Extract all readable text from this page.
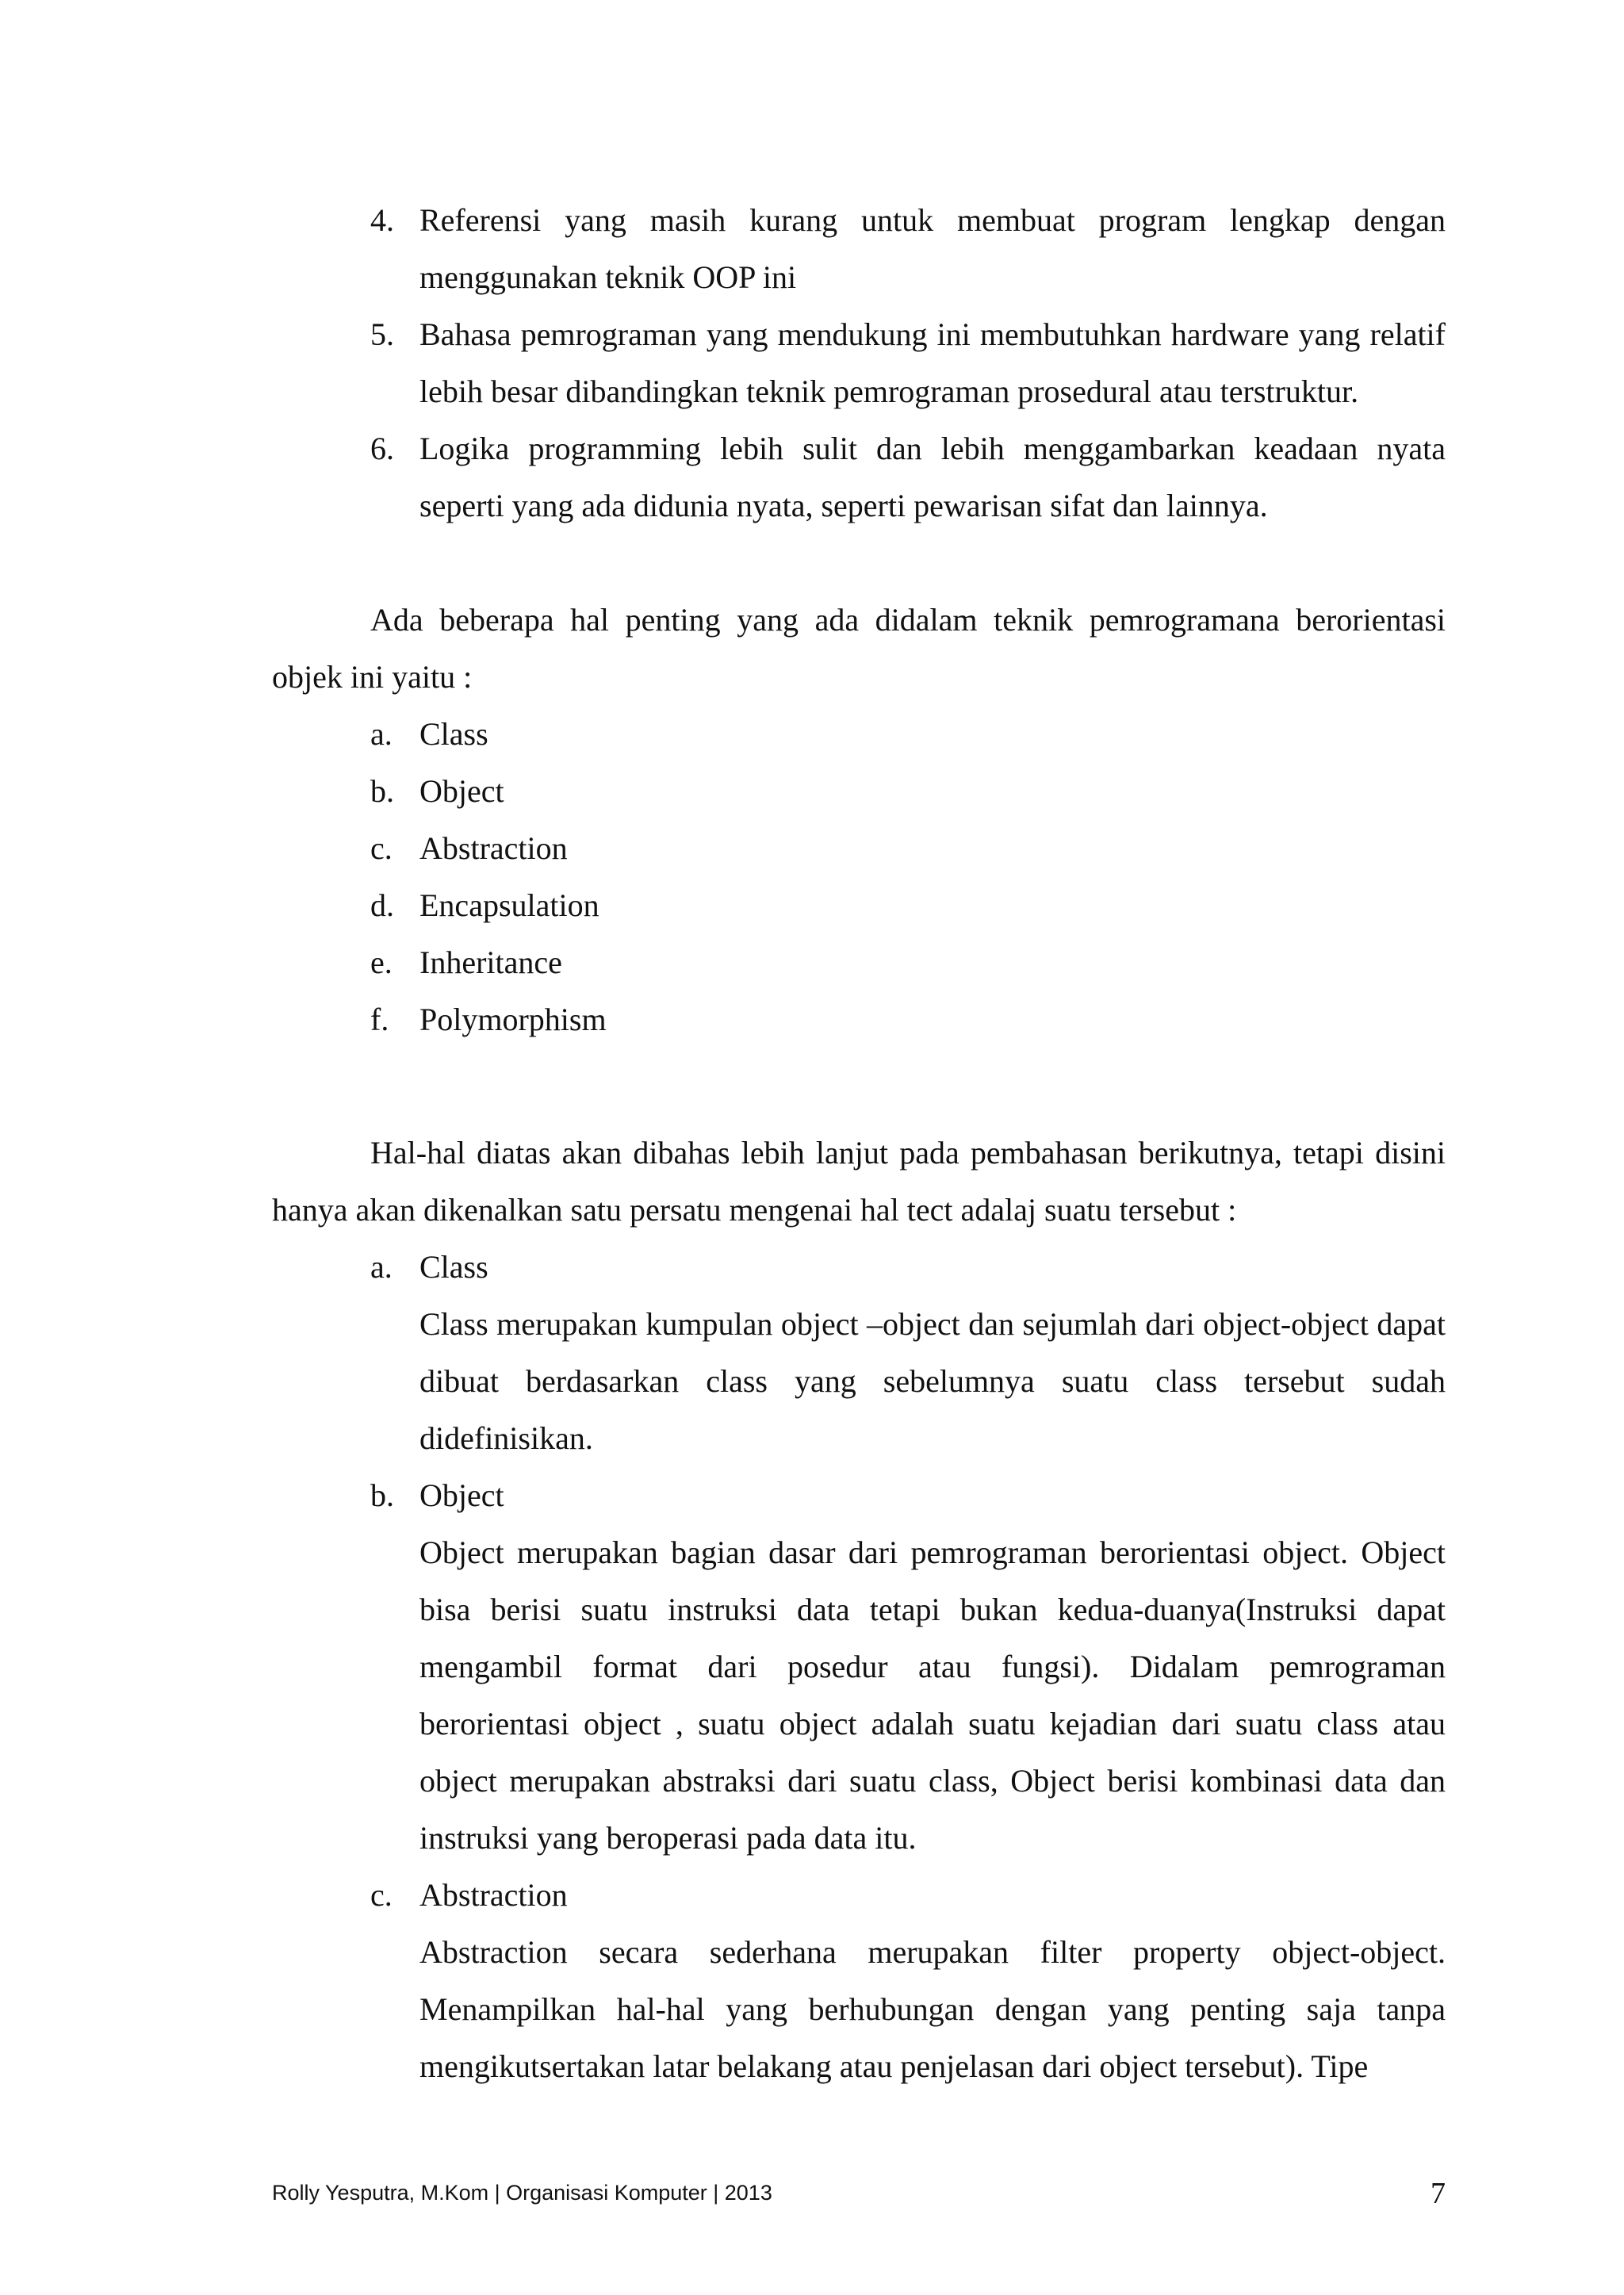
4. Referensi yang masih kurang untuk membuat program lengkap dengan menggunakan teknik OOP ini
5. Bahasa pemrograman yang mendukung ini membutuhkan hardware yang relatif lebih besar dibandingkan teknik pemrograman prosedural atau terstruktur.
6. Logika programming lebih sulit dan lebih menggambarkan keadaan nyata seperti yang ada didunia nyata, seperti pewarisan sifat dan lainnya.

Ada beberapa hal penting yang ada didalam teknik pemrogramana berorientasi objek ini yaitu :

a. Class
b. Object
c. Abstraction
d. Encapsulation
e. Inheritance
f. Polymorphism

Hal-hal diatas akan dibahas lebih lanjut pada pembahasan berikutnya, tetapi disini hanya akan dikenalkan satu persatu mengenai hal tect adalaj suatu tersebut :

a. Class
Class merupakan kumpulan object –object dan sejumlah dari object-object dapat dibuat berdasarkan class yang sebelumnya suatu class tersebut sudah didefinisikan.
b. Object
Object merupakan bagian dasar dari pemrograman berorientasi object. Object bisa berisi suatu instruksi data tetapi bukan kedua-duanya(Instruksi dapat mengambil format dari posedur atau fungsi). Didalam pemrograman berorientasi object , suatu object adalah suatu kejadian dari suatu class atau object merupakan abstraksi dari suatu class, Object berisi kombinasi data dan instruksi yang beroperasi pada data itu.
c. Abstraction
Abstraction secara sederhana merupakan filter property object-object. Menampilkan hal-hal yang berhubungan dengan yang penting saja tanpa mengikutsertakan latar belakang atau penjelasan dari object tersebut). Tipe
Rolly Yesputra, M.Kom | Organisasi Komputer | 2013	7
